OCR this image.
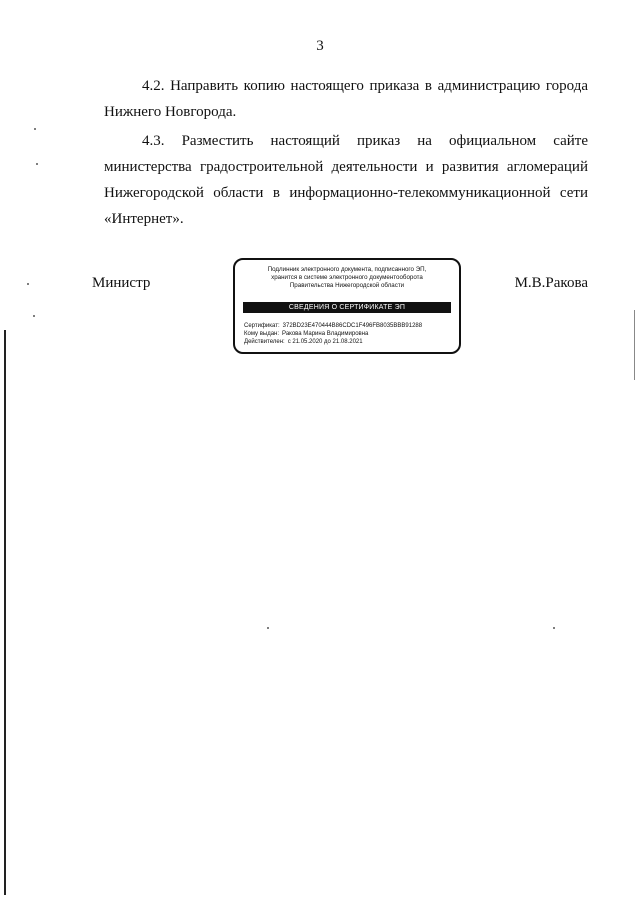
3
4.2. Направить копию настоящего приказа в администрацию города Нижнего Новгорода.
4.3. Разместить настоящий приказ на официальном сайте министерства градостроительной деятельности и развития агломераций Нижегородской области в информационно-телекоммуникационной сети «Интернет».
Министр	М.В.Ракова
Подлинник электронного документа, подписанного ЭП,
хранится в системе электронного документооборота
Правительства Нижегородской области
СВЕДЕНИЯ О СЕРТИФИКАТЕ ЭП
Сертификат: 372BD23E470444B86CDC1F496FB8035BBB91288
Кому выдан: Ракова Марина Владимировна
Действителен: с 21.05.2020 до 21.08.2021
